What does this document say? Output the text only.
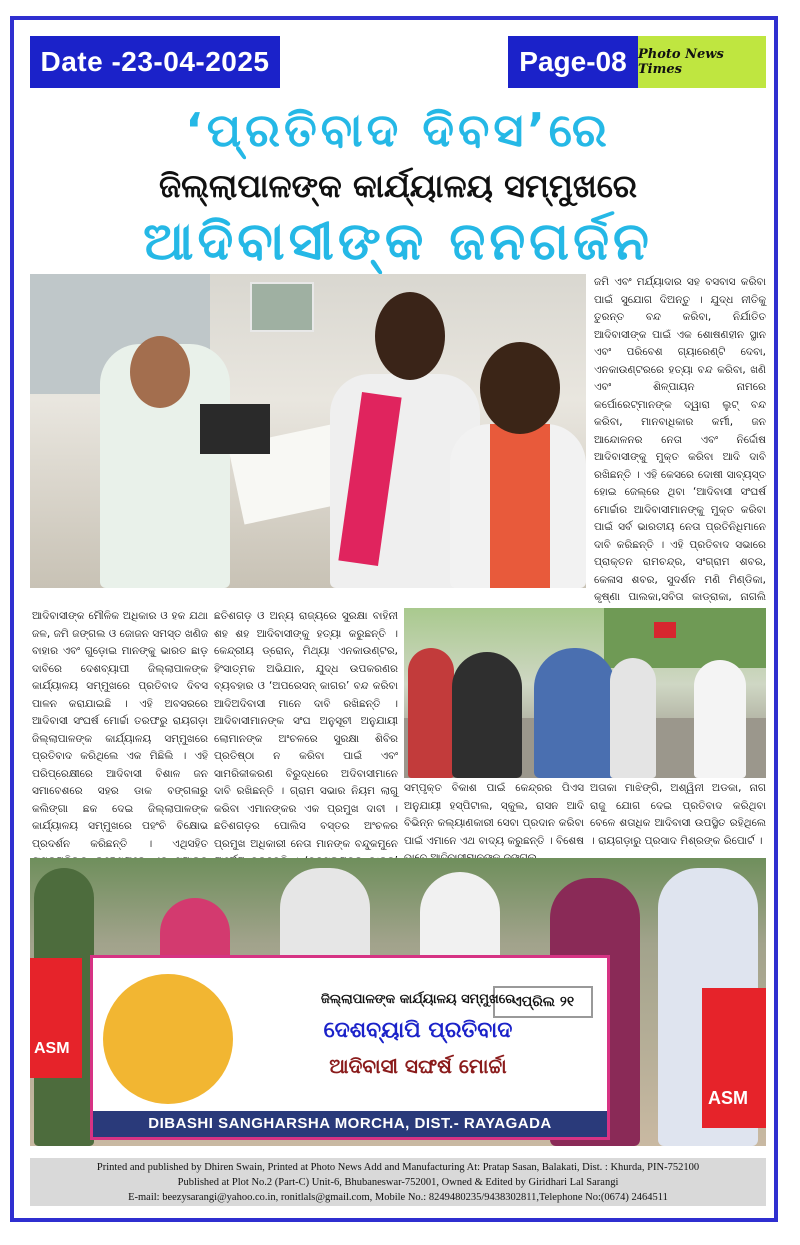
Date -23-04-2025	Page-08 Photo News Times
‘ପ୍ରତିବାଦ ଦିବସ’ରେ
ଜିଲ୍ଲାପାଳଙ୍କ କାର୍ଯ୍ୟାଳୟ ସମ୍ମୁଖରେ
ଆଦିବାସୀଙ୍କ ଜନଗର୍ଜନ
ଜମି ଏବଂ ମର୍ଯ୍ୟାଦାର ସହ ବସବାସ କରିବା ପାଇଁ ସୁଯୋଗ ଦିଅନ୍ତୁ । ଯୁଦ୍ଧ ନୀତିକୁ ତୁରନ୍ତ ବନ୍ଦ କରିବା, ନିର୍ଯାତିତ ଆଦିବାସୀଙ୍କ ପାଇଁ ଏକ ଶୋଷଣହୀନ ସ୍ଥାନ ଏବଂ ପରିବେଶ ଗ୍ୟାରେଣ୍ଟି ଦେବା, ଏନକାଉଣ୍ଟରରେ ହତ୍ୟା ବନ୍ଦ କରିବା, ଖଣି ଏବଂ ଶିଳ୍ପାୟନ ନାମରେ କର୍ପୋରେଟ୍‌ମାନଙ୍କ ଦ୍ୱାରା ଲୁଟ୍ ବନ୍ଦ କରିବା, ମାନବାଧିକାର କର୍ମୀ, ଜନ ଆନ୍ଦୋଳନର ନେତା ଏବଂ ନିର୍ଦ୍ଦୋଷ ଆଦିବାସୀଙ୍କୁ ମୁକ୍ତ କରିବା ଆଦି ଦାବି ରଖିଛନ୍ତି । ଏହି କେସରେ ଦୋଷୀ ସାବ୍ୟସ୍ତ ହୋଇ ଜେଲ୍‌ରେ ଥିବା ‘ଆଦିବାସୀ ସଂଘର୍ଷ ମୋର୍ଚ୍ଚାର ଆଦିବାସୀମାନଙ୍କୁ ମୁକ୍ତ କରିବା ପାଇଁ ସର୍ବ ଭାରତୀୟ ନେତା ପ୍ରତିନିଧିମାନେ ଦାବି କରିଛନ୍ତି । ଏହି ପ୍ରତିବାଦ ସଭାରେ ପ୍ରାକ୍ତନ ରାମଚନ୍ଦ୍ର, ସଂଗ୍ରାମ ଶବର, କେଳାସ ଶବର, ସୁଦର୍ଶନ ମଣି ମିଣ୍ଡିକା, କୃଷ୍ଣା ପାଲକା,ସବିତା କାଡ୍ରାକା, ନାଗଲି
ଆଦିବାସୀଙ୍କ ମୌଳିକ ଅଧିକାର ଓ ହକ ଯଥା ଜଳ, ଜମି ଜଙ୍ଗଲ ଓ ଜୋଜନ ସମସ୍ତ ଖଣିଜ ବାହାର ଏବଂ ଗୁଡ଼ୋଇ ମାନଙ୍କୁ ଭାରତ ଛାଡ଼ ଦାବିରେ ଦେଶବ୍ୟାପୀ ଜିଲ୍ଲାପାଳଙ୍କ କାର୍ଯ୍ୟାଳୟ ସମ୍ମୁଖରେ ପ୍ରତିବାଦ ଦିବସ ପାଳନ କରାଯାଇଛି । ଏହି ଅବସରରେ ଆଦିବାସୀ ସଂଘର୍ଷ ମୋର୍ଚ୍ଚା ତରଫରୁ ରାୟଗଡ଼ା ଜିଲ୍ଲାପାଳଙ୍କ କାର୍ଯ୍ୟାଳୟ ସମ୍ମୁଖରେ ପ୍ରତିବାଦ କରିଥିଲେ ଏକ ମିଛିଲି । ଏହି ପରିପ୍ରେକ୍ଷୀରେ ଆଦିବାସୀ ବିଶାଳ ଜନ ସମାବେଶରେ ସହର ଡାକ ବଙ୍ଗଳାରୁ କଲିଙ୍ଗା ଛକ ଦେଇ ଜିଲ୍ଲାପାଳଙ୍କ କାର୍ଯ୍ୟାଳୟ ସମ୍ମୁଖରେ ପହଂଚି ବିକ୍ଷୋଭ ପ୍ରଦର୍ଶନ କରିଛନ୍ତି । ଏଥିସହିତ
ଛତିଶଗଡ଼ ଓ ଅନ୍ୟ ରାଜ୍ୟରେ ସୁରକ୍ଷା ବାହିନୀ ଶହ ଶହ ଆଦିବାସୀଙ୍କୁ ହତ୍ୟା କରୁଛନ୍ତି । କେନ୍ଦ୍ରୀୟ ଡ୍ରୋନ୍, ମିଥ୍ୟା ଏନକାଉଣ୍ଟର, ହିଂସାତ୍ମକ ଅଭିଯାନ, ଯୁଦ୍ଧ ଉପକରଣର ବ୍ୟବହାର ଓ ‘ଅପରେସନ୍ କାଗର’ ବନ୍ଦ କରିବା ଆଦିଅଦିବାସୀ ମାନେ ଦାବି ରଖିଛନ୍ତି । ଆଦିବାସୀମାନଙ୍କ ସଂଘ ଅନୁସୂଚୀ ଅନୁଯାୟୀ ଲୋମାନଙ୍କ ଅଂଚଳରେ ସୁରକ୍ଷା ଶିବିର ପ୍ରତିଷ୍ଠା ନ କରିବା ପାଇଁ ଏବଂ ସାମରିକୀକରଣ ବିରୁଦ୍ଧରେ ଅଦିବାସୀମାନେ ଦାବି ରଖିଛନ୍ତି । ଗ୍ରାମ ସଭାର ନିୟମ ଲାଗୁ କରିବା ଏମାନଙ୍କର ଏକ ପ୍ରମୁଖ ଦାବୀ । ଛତିଶଗଡ଼ର ପୋଲିସ ବସ୍ତର ଅଂଚଳର ପ୍ରମୁଖ ଅଧିକାରୀ ନେତା ମାନଙ୍କ ବନ୍ଦୁକମୁନେ
ସମ୍ପୃକ୍ତ ବିକାଶ ପାଇଁ କେନ୍ଦ୍ରର ପିଏସ ଅନୁଯାୟୀ ହସ୍ପିଟାଲ, ସ୍କୁଲ, ରାସନ ଆଦି ବିଭିନ୍ନ କଲ୍ୟାଣକାରୀ ସେବା ପ୍ରଦାନ କରିବା ପାଇଁ ଏମାନେ ଏଥ ବାଦ୍ୟ କରୁଛନ୍ତି । ବିଶେଷ
ଅତାକା ମାଝିଙ୍ଗି, ଅଶ୍ୱିନୀ ଅଡକା, ନାଗ ରାଜୁ ଯୋଗ ଦେଇ ପ୍ରତିବାଦ କରିଥିବା ବେଳେ ଶତାଧିକ ଆଦିବାସୀ ଉପସ୍ଥିତ ରହିଥିଲେ । ରାୟଗଡ଼ାରୁ ପ୍ରସାଦ ମିଶ୍ରଙ୍କ ରିପୋର୍ଟ ।
ASM
ASM
ଏପ୍ରିଲ ୨୧
ଜିଲ୍ଲାପାଳଙ୍କ କାର୍ଯ୍ୟାଳୟ ସମ୍ମୁଖରେ
ଦେଶବ୍ୟାପି ପ୍ରତିବାଦ
ଆଦିବାସୀ ସଙ୍ଘର୍ଷ ମୋର୍ଚ୍ଚା
DIBASHI SANGHARSHA MORCHA, DIST.- RAYAGADA
Printed and published by Dhiren Swain, Printed at Photo News Add and Manufacturing At: Pratap Sasan, Balakati, Dist. : Khurda, PIN-752100
Published at Plot No.2 (Part-C) Unit-6, Bhubaneswar-752001, Owned & Edited by Giridhari Lal Sarangi
E-mail: beezysarangi@yahoo.co.in, ronitlals@gmail.com, Mobile No.: 8249480235/9438302811,Telephone No:(0674) 2464511
